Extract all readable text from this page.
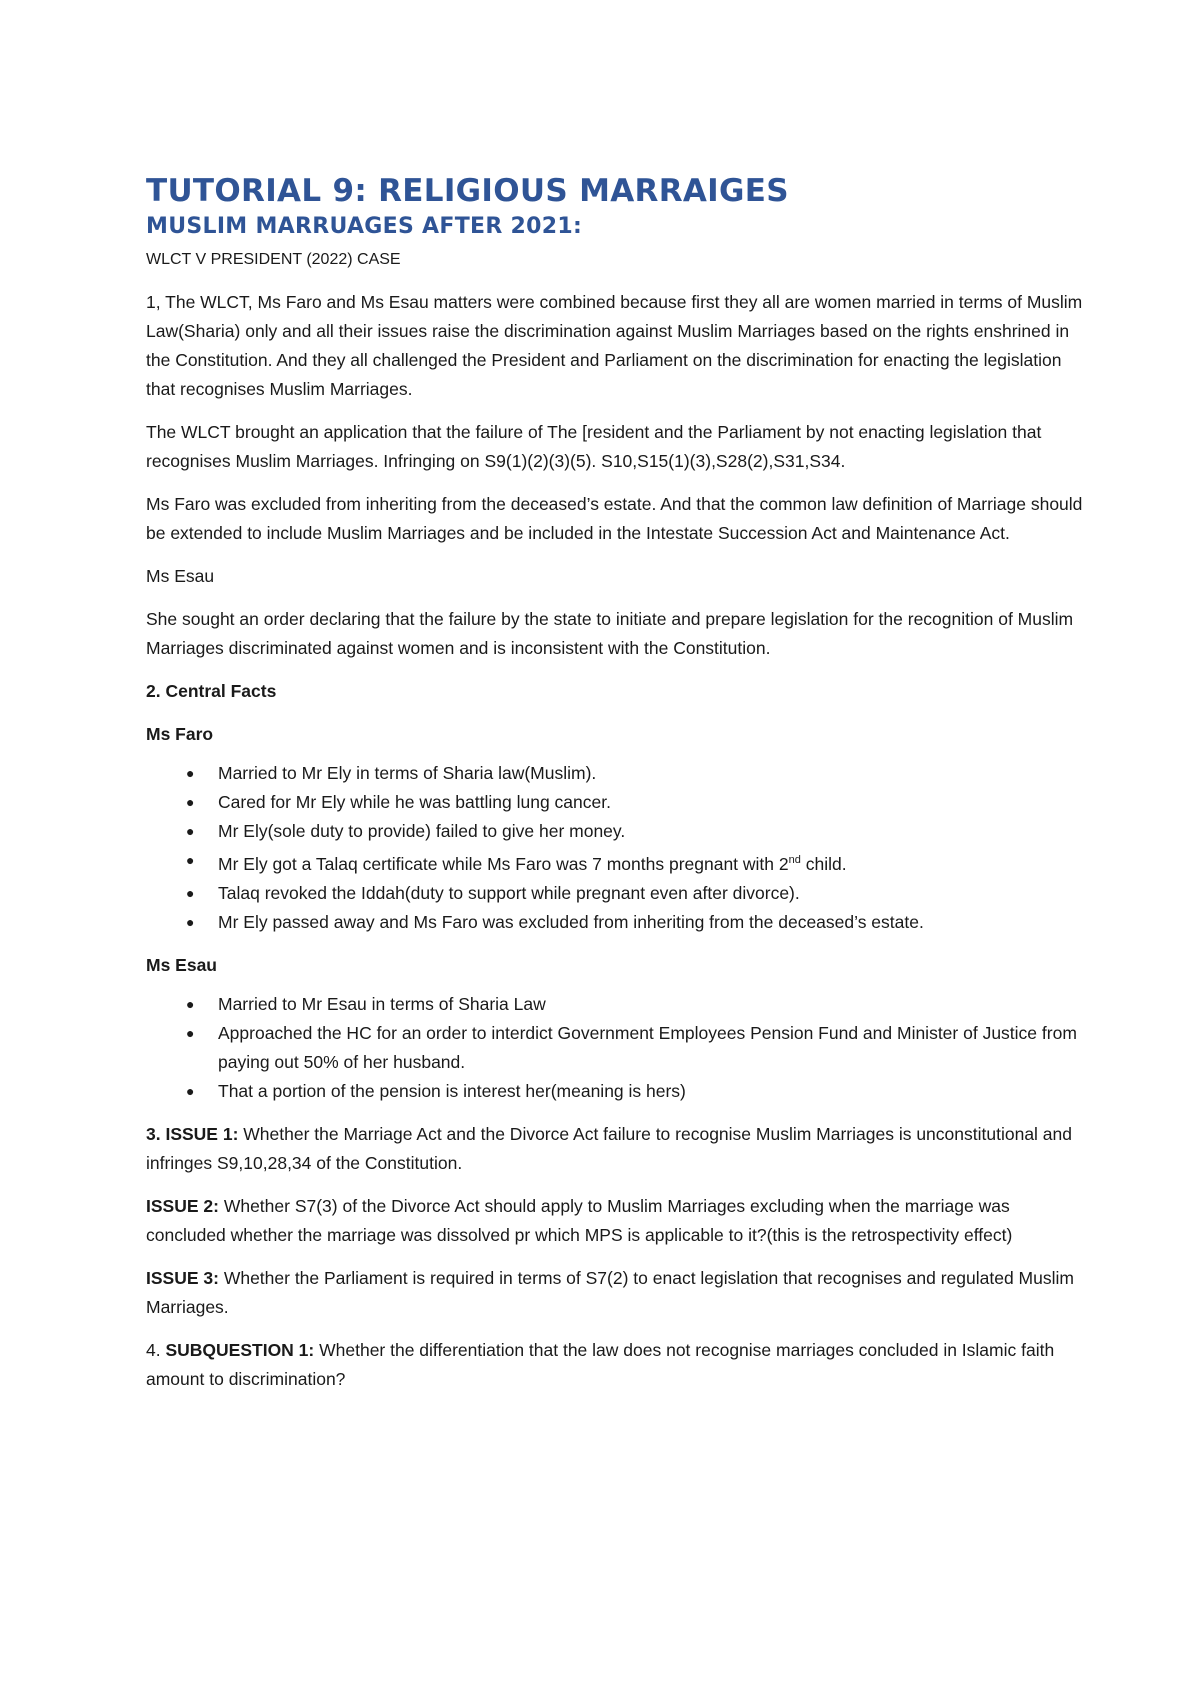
TUTORIAL 9: RELIGIOUS MARRAIGES
MUSLIM MARRUAGES AFTER 2021:
WLCT V PRESIDENT (2022) CASE

1, The WLCT, Ms Faro and Ms Esau matters were combined because first they all are women married in terms of Muslim Law(Sharia) only and all their issues raise the discrimination against Muslim Marriages based on the rights enshrined in the Constitution. And they all challenged the President and Parliament on the discrimination for enacting the legislation that recognises Muslim Marriages.

The WLCT brought an application that the failure of The [resident and the Parliament by not enacting legislation that recognises Muslim Marriages. Infringing on S9(1)(2)(3)(5). S10,S15(1)(3),S28(2),S31,S34.

Ms Faro was excluded from inheriting from the deceased’s estate. And that the common law definition of Marriage should be extended to include Muslim Marriages and be included in the Intestate Succession Act and Maintenance Act.

Ms Esau

She sought an order declaring that the failure by the state to initiate and prepare legislation for the recognition of Muslim Marriages discriminated against women and is inconsistent with the Constitution.

2. Central Facts

Ms Faro

● Married to Mr Ely in terms of Sharia law(Muslim).
● Cared for Mr Ely while he was battling lung cancer.
● Mr Ely(sole duty to provide) failed to give her money.
● Mr Ely got a Talaq certificate while Ms Faro was 7 months pregnant with 2nd child.
● Talaq revoked the Iddah(duty to support while pregnant even after divorce).
● Mr Ely passed away and Ms Faro was excluded from inheriting from the deceased’s estate.

Ms Esau

● Married to Mr Esau in terms of Sharia Law
● Approached the HC for an order to interdict Government Employees Pension Fund and Minister of Justice from paying out 50% of her husband.
● That a portion of the pension is interest her(meaning is hers)

3. ISSUE 1: Whether the Marriage Act and the Divorce Act failure to recognise Muslim Marriages is unconstitutional and infringes S9,10,28,34 of the Constitution.

ISSUE 2: Whether S7(3) of the Divorce Act should apply to Muslim Marriages excluding when the marriage was concluded whether the marriage was dissolved pr which MPS is applicable to it?(this is the retrospectivity effect)

ISSUE 3: Whether the Parliament is required in terms of S7(2) to enact legislation that recognises and regulated Muslim Marriages.

4. SUBQUESTION 1: Whether the differentiation that the law does not recognise marriages concluded in Islamic faith amount to discrimination?
